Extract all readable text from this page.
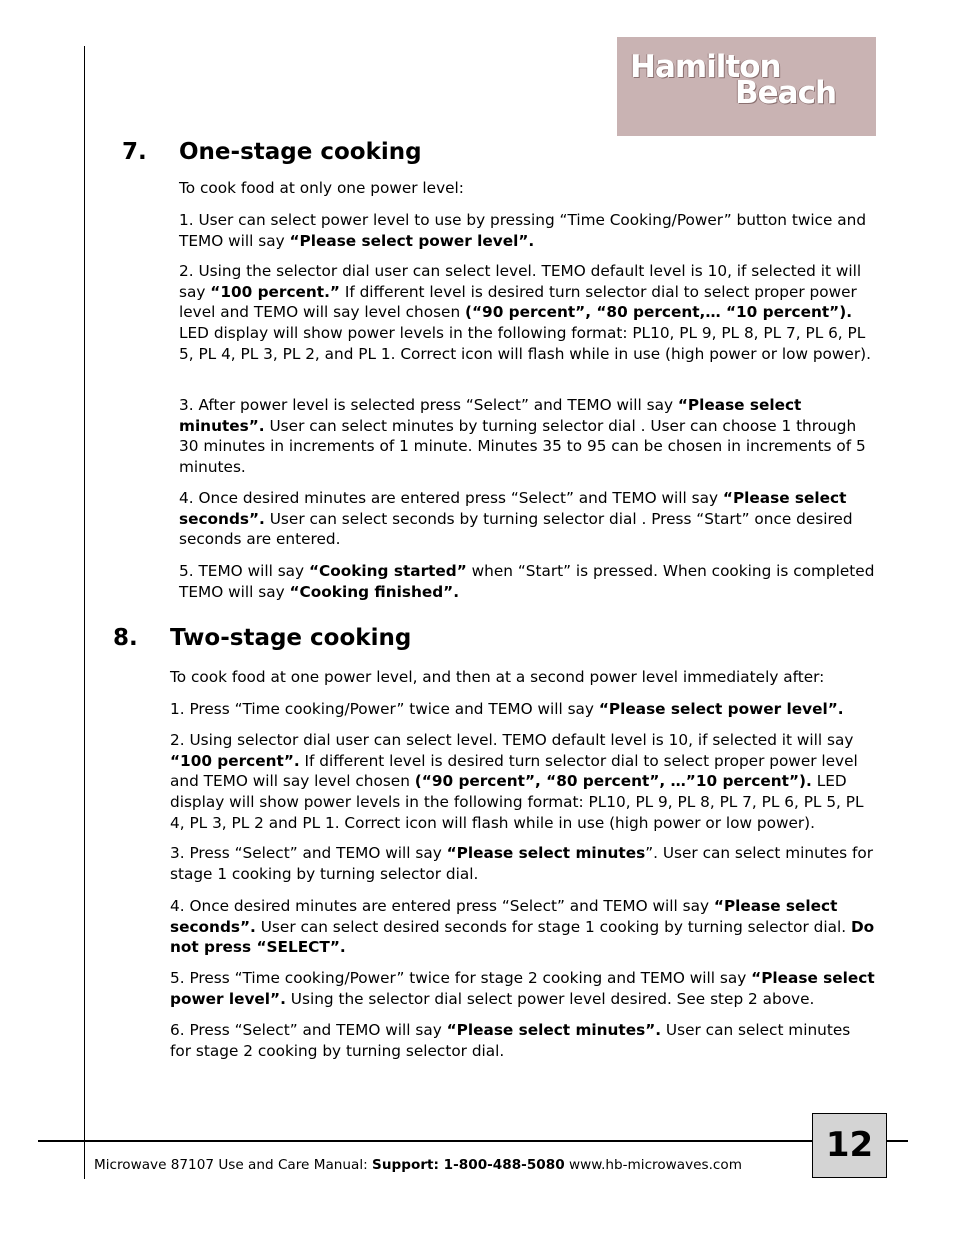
Hamilton
Beach
7. One-stage cooking

To cook food at only one power level:

1. User can select power level to use by pressing “Time Cooking/Power” button twice and TEMO will say “Please select power level”.

2. Using the selector dial user can select level. TEMO default level is 10, if selected it will say “100 percent.” If different level is desired turn selector dial to select proper power level and TEMO will say level chosen (“90 percent”, “80 percent,… “10 percent”). LED display will show power levels in the following format: PL10, PL 9, PL 8, PL 7, PL 6, PL 5, PL 4, PL 3, PL 2, and PL 1. Correct icon will flash while in use (high power or low power).

3. After power level is selected press “Select” and TEMO will say “Please select minutes”. User can select minutes by turning selector dial . User can choose 1 through 30 minutes in increments of 1 minute. Minutes 35 to 95 can be chosen in increments of 5 minutes.

4. Once desired minutes are entered press “Select” and TEMO will say “Please select seconds”. User can select seconds by turning selector dial . Press “Start” once desired seconds are entered.

5. TEMO will say “Cooking started” when “Start” is pressed. When cooking is completed TEMO will say “Cooking finished”.

8. Two-stage cooking

To cook food at one power level, and then at a second power level immediately after:

1. Press “Time cooking/Power” twice and TEMO will say “Please select power level”.

2. Using selector dial user can select level. TEMO default level is 10, if selected it will say “100 percent”. If different level is desired turn selector dial to select proper power level and TEMO will say level chosen (“90 percent”, “80 percent”, …”10 percent”). LED display will show power levels in the following format: PL10, PL 9, PL 8, PL 7, PL 6, PL 5, PL 4, PL 3, PL 2 and PL 1. Correct icon will flash while in use (high power or low power).

3. Press “Select” and TEMO will say “Please select minutes”. User can select minutes for stage 1 cooking by turning selector dial.

4. Once desired minutes are entered press “Select” and TEMO will say “Please select seconds”. User can select desired seconds for stage 1 cooking by turning selector dial. Do not press “SELECT”.

5. Press “Time cooking/Power” twice for stage 2 cooking and TEMO will say “Please select power level”. Using the selector dial select power level desired. See step 2 above.

6. Press “Select” and TEMO will say “Please select minutes”. User can select minutes for stage 2 cooking by turning selector dial.

Microwave 87107 Use and Care Manual: Support: 1-800-488-5080 www.hb-microwaves.com	12
